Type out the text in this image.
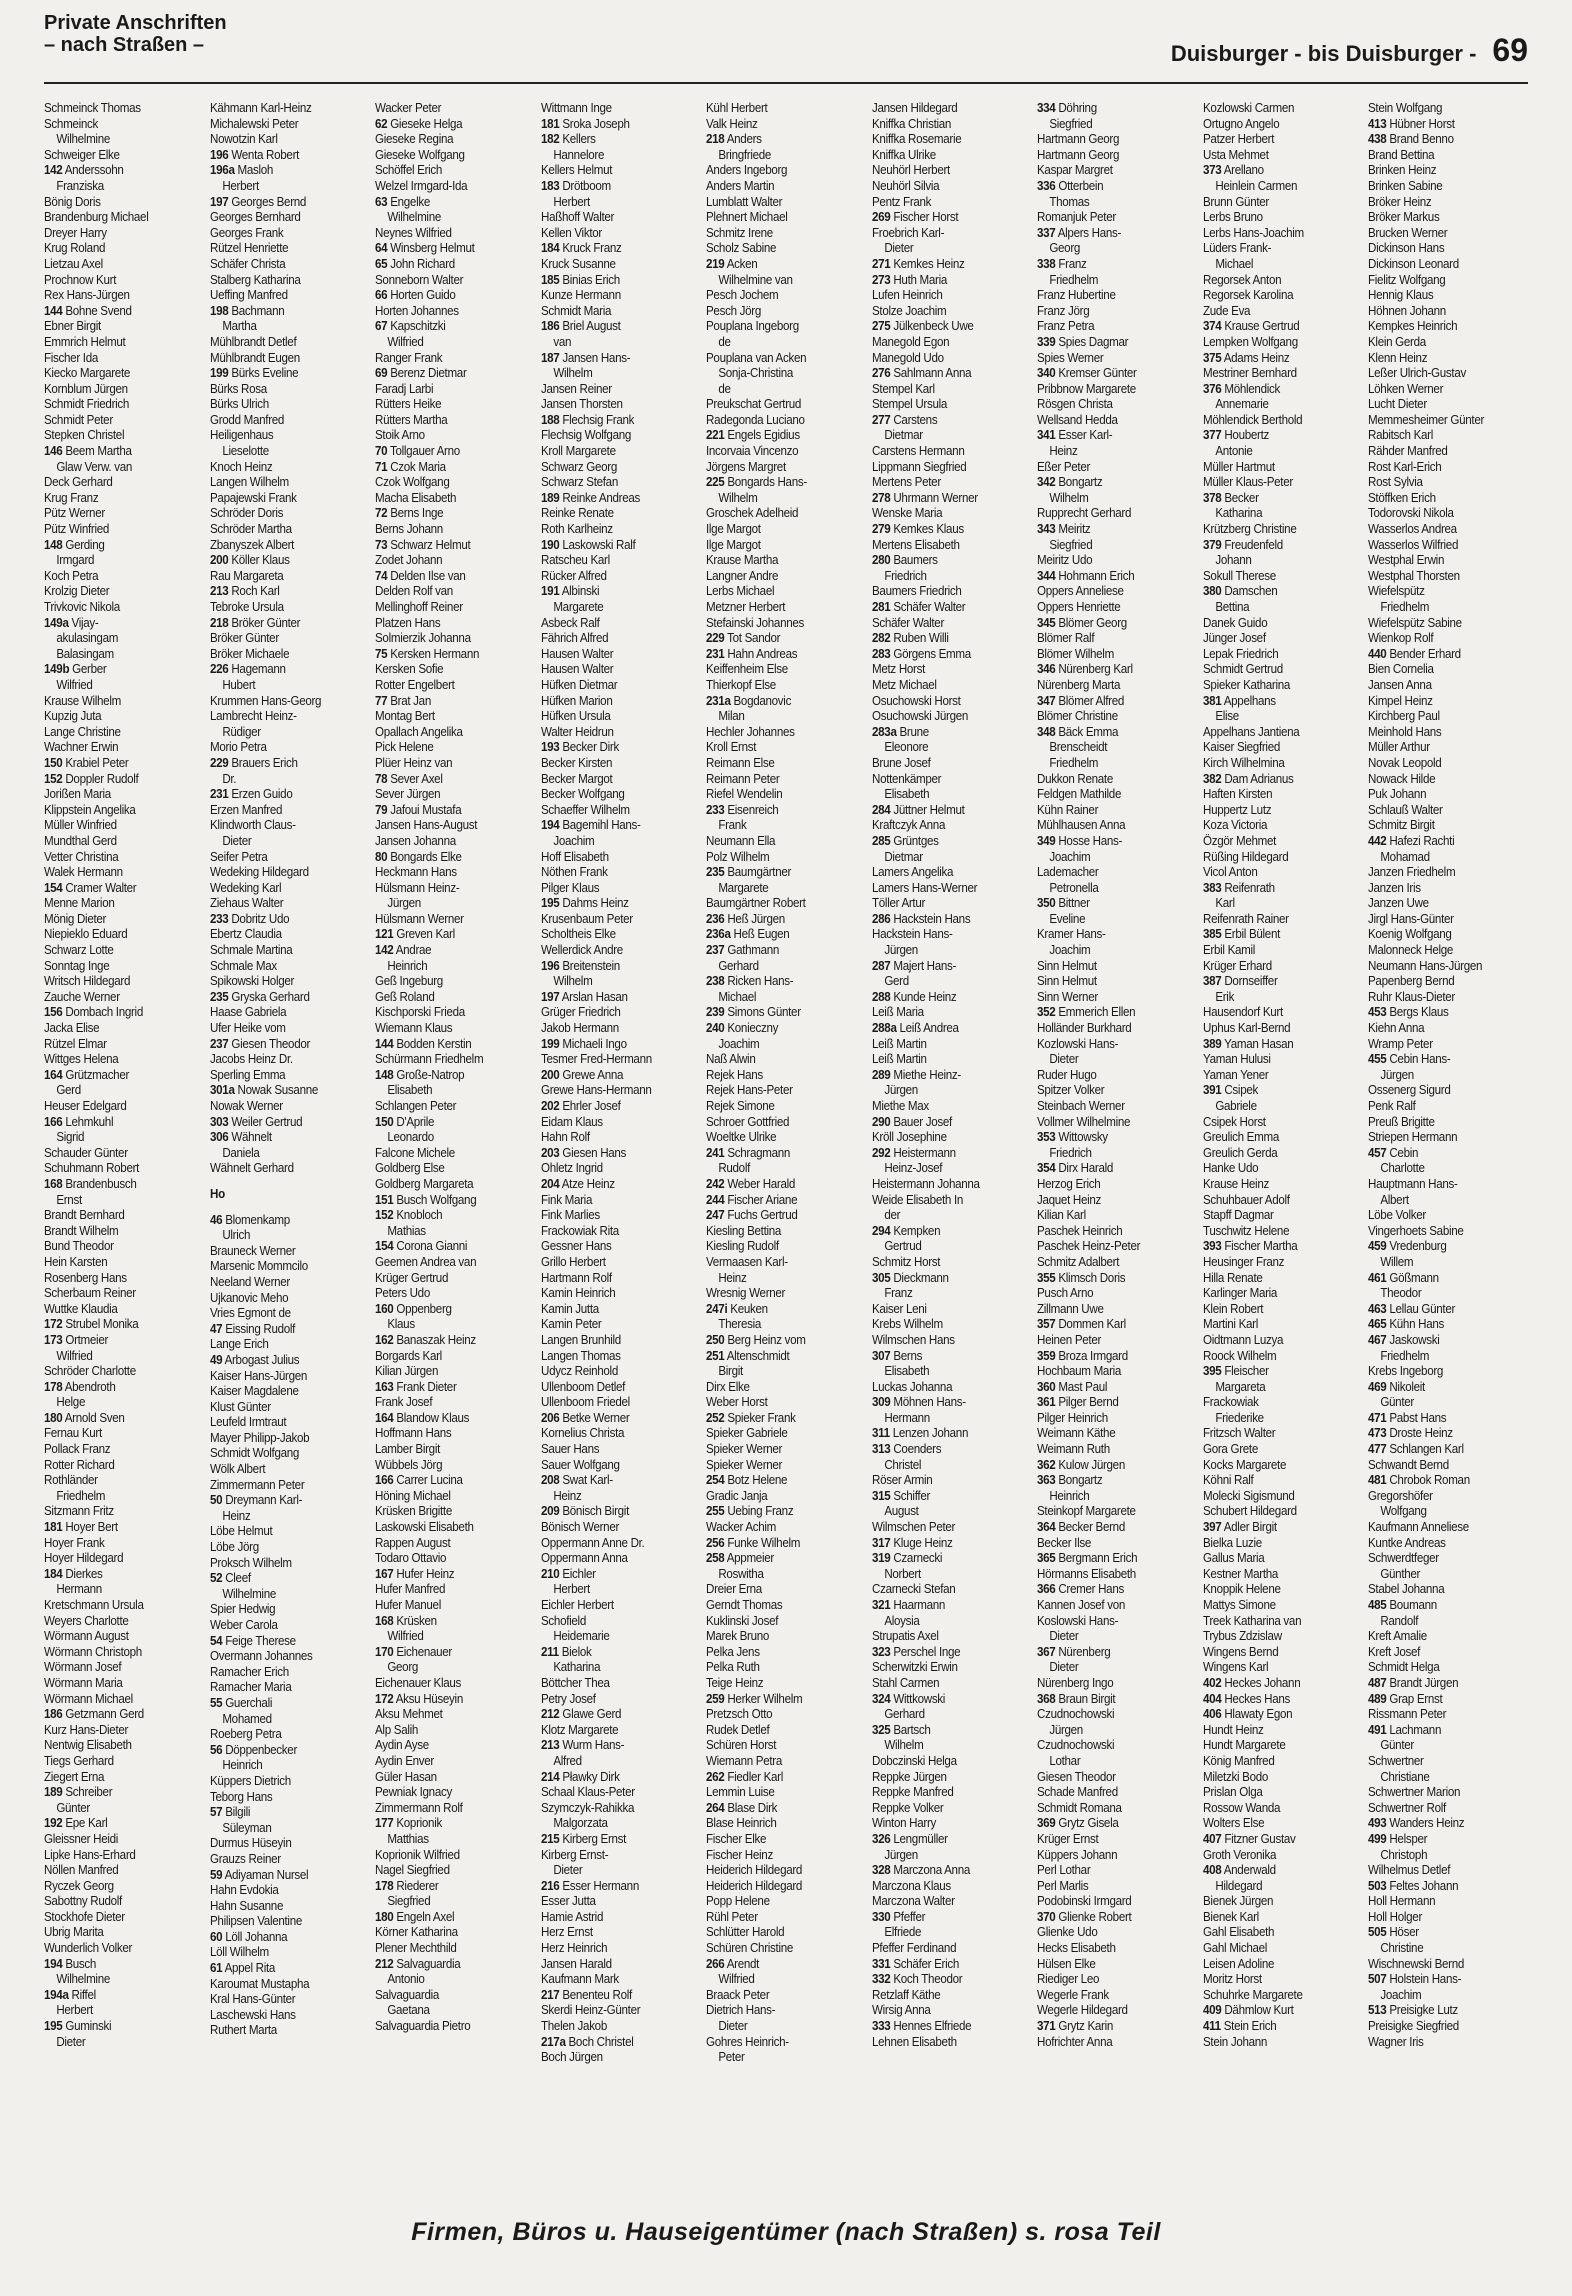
Private Anschriften
– nach Straßen –	Duisburger - bis Duisburger - 69
Schmeinck Thomas
Schmeinck
Wilhelmine
Schweiger Elke
142 Anderssohn
Franziska
Bönig Doris
Brandenburg Michael
Dreyer Harry
Krug Roland
Lietzau Axel
Prochnow Kurt
Rex Hans-Jürgen
144 Bohne Svend
Ebner Birgit
Emmrich Helmut
Fischer Ida
Kiecko Margarete
Kornblum Jürgen
Schmidt Friedrich
Schmidt Peter
Stepken Christel
146 Beem Martha
Glaw Verw. van
Deck Gerhard
Krug Franz
Pütz Werner
Pütz Winfried
148 Gerding
Irmgard
Koch Petra
Krolzig Dieter
Trivkovic Nikola
149a Vijay-
akulasingam
Balasingam
149b Gerber
Wilfried
Krause Wilhelm
Kupzig Juta
Lange Christine
Wachner Erwin
150 Krabiel Peter
152 Doppler Rudolf
Jorißen Maria
Klippstein Angelika
Müller Winfried
Mundthal Gerd
Vetter Christina
Walek Hermann
154 Cramer Walter
Menne Marion
Mönig Dieter
Niepieklo Eduard
Schwarz Lotte
Sonntag Inge
Writsch Hildegard
Zauche Werner
156 Dombach Ingrid
Jacka Elise
Rützel Elmar
Wittges Helena
164 Grützmacher
Gerd
Heuser Edelgard
166 Lehmkuhl
Sigrid
Schauder Günter
Schuhmann Robert
168 Brandenbusch
Ernst
Brandt Bernhard
Brandt Wilhelm
Bund Theodor
Hein Karsten
Rosenberg Hans
Scherbaum Reiner
Wuttke Klaudia
172 Strubel Monika
173 Ortmeier
Wilfried
Schröder Charlotte
178 Abendroth
Helge
180 Arnold Sven
Fernau Kurt
Pollack Franz
Rotter Richard
Rothländer
Friedhelm
Sitzmann Fritz
181 Hoyer Bert
Hoyer Frank
Hoyer Hildegard
184 Dierkes
Hermann
Kretschmann Ursula
Weyers Charlotte
Wörmann August
Wörmann Christoph
Wörmann Josef
Wörmann Maria
Wörmann Michael
186 Getzmann Gerd
Kurz Hans-Dieter
Nentwig Elisabeth
Tiegs Gerhard
Ziegert Erna
189 Schreiber
Günter
192 Epe Karl
Gleissner Heidi
Lipke Hans-Erhard
Nöllen Manfred
Ryczek Georg
Sabottny Rudolf
Stockhofe Dieter
Ubrig Marita
Wunderlich Volker
194 Busch
Wilhelmine
194a Riffel
Herbert
195 Guminski
Dieter
Kähmann Karl-Heinz
Michalewski Peter
Nowotzin Karl
196 Wenta Robert
196a Masloh
Herbert
197 Georges Bernd
Georges Bernhard
Georges Frank
Rützel Henriette
Schäfer Christa
Stalberg Katharina
Ueffing Manfred
198 Bachmann
Martha
Mühlbrandt Detlef
Mühlbrandt Eugen
199 Bürks Eveline
Bürks Rosa
Bürks Ulrich
Grodd Manfred
Heiligenhaus
Lieselotte
Knoch Heinz
Langen Wilhelm
Papajewski Frank
Schröder Doris
Schröder Martha
Zbanyszek Albert
200 Köller Klaus
Rau Margareta
213 Roch Karl
Tebroke Ursula
218 Bröker Günter
Bröker Günter
Bröker Michaele
226 Hagemann
Hubert
Krummen Hans-Georg
Lambrecht Heinz-
Rüdiger
Morio Petra
229 Brauers Erich
Dr.
231 Erzen Guido
Erzen Manfred
Klindworth Claus-
Dieter
Seifer Petra
Wedeking Hildegard
Wedeking Karl
Ziehaus Walter
233 Dobritz Udo
Ebertz Claudia
Schmale Martina
Schmale Max
Spikowski Holger
235 Gryska Gerhard
Haase Gabriela
Ufer Heike vom
237 Giesen Theodor
Jacobs Heinz Dr.
Sperling Emma
301a Nowak Susanne
Nowak Werner
303 Weiler Gertrud
306 Wähnelt
Daniela
Wähnelt Gerhard
Ho
46 Blomenkamp
Ulrich
Brauneck Werner
Marsenic Mommcilo
Neeland Werner
Ujkanovic Meho
Vries Egmont de
47 Eissing Rudolf
Lange Erich
49 Arbogast Julius
Kaiser Hans-Jürgen
Kaiser Magdalene
Klust Günter
Leufeld Irmtraut
Mayer Philipp-Jakob
Schmidt Wolfgang
Wölk Albert
Zimmermann Peter
50 Dreymann Karl-
Heinz
Löbe Helmut
Löbe Jörg
Proksch Wilhelm
52 Cleef
Wilhelmine
Spier Hedwig
Weber Carola
54 Feige Therese
Overmann Johannes
Ramacher Erich
Ramacher Maria
55 Guerchali
Mohamed
Roeberg Petra
56 Döppenbecker
Heinrich
Küppers Dietrich
Teborg Hans
57 Bilgili
Süleyman
Durmus Hüseyin
Grauzs Reiner
59 Adiyaman Nursel
Hahn Evdokia
Hahn Susanne
Philipsen Valentine
60 Löll Johanna
Löll Wilhelm
61 Appel Rita
Karoumat Mustapha
Kral Hans-Günter
Laschewski Hans
Ruthert Marta
Wacker Peter
62 Gieseke Helga
Gieseke Regina
Gieseke Wolfgang
Schöffel Erich
Welzel Irmgard-Ida
63 Engelke
Wilhelmine
Neynes Wilfried
64 Winsberg Helmut
65 John Richard
Sonneborn Walter
66 Horten Guido
Horten Johannes
67 Kapschitzki
Wilfried
Ranger Frank
69 Berenz Dietmar
Faradj Larbi
Rütters Heike
Rütters Martha
Stoik Arno
70 Tollgauer Arno
71 Czok Maria
Czok Wolfgang
Macha Elisabeth
72 Berns Inge
Berns Johann
73 Schwarz Helmut
Zodet Johann
74 Delden Ilse van
Delden Rolf van
Mellinghoff Reiner
Platzen Hans
Solmierzik Johanna
75 Kersken Hermann
Kersken Sofie
Rotter Engelbert
77 Brat Jan
Montag Bert
Opallach Angelika
Pick Helene
Plüer Heinz van
78 Sever Axel
Sever Jürgen
79 Jafoui Mustafa
Jansen Hans-August
Jansen Johanna
80 Bongards Elke
Heckmann Hans
Hülsmann Heinz-
Jürgen
Hülsmann Werner
121 Greven Karl
142 Andrae
Heinrich
Geß Ingeburg
Geß Roland
Kischporski Frieda
Wiemann Klaus
144 Bodden Kerstin
Schürmann Friedhelm
148 Große-Natrop
Elisabeth
Schlangen Peter
150 D'Aprile
Leonardo
Falcone Michele
Goldberg Else
Goldberg Margareta
151 Busch Wolfgang
152 Knobloch
Mathias
154 Corona Gianni
Geemen Andrea van
Krüger Gertrud
Peters Udo
160 Oppenberg
Klaus
162 Banaszak Heinz
Borgards Karl
Kilian Jürgen
163 Frank Dieter
Frank Josef
164 Blandow Klaus
Hoffmann Hans
Lamber Birgit
Wübbels Jörg
166 Carrer Lucina
Höning Michael
Krüsken Brigitte
Laskowski Elisabeth
Rappen August
Todaro Ottavio
167 Hufer Heinz
Hufer Manfred
Hufer Manuel
168 Krüsken
Wilfried
170 Eichenauer
Georg
Eichenauer Klaus
172 Aksu Hüseyin
Aksu Mehmet
Alp Salih
Aydin Ayse
Aydin Enver
Güler Hasan
Pewniak Ignacy
Zimmermann Rolf
177 Koprionik
Matthias
Koprionik Wilfried
Nagel Siegfried
178 Riederer
Siegfried
180 Engeln Axel
Körner Katharina
Plener Mechthild
212 Salvaguardia
Antonio
Salvaguardia
Gaetana
Salvaguardia Pietro
Wittmann Inge
181 Sroka Joseph
182 Kellers
Hannelore
Kellers Helmut
183 Drötboom
Herbert
Haßhoff Walter
Kellen Viktor
184 Kruck Franz
Kruck Susanne
185 Binias Erich
Kunze Hermann
Schmidt Maria
186 Briel August
van
187 Jansen Hans-
Wilhelm
Jansen Reiner
Jansen Thorsten
188 Flechsig Frank
Flechsig Wolfgang
Kroll Margarete
Schwarz Georg
Schwarz Stefan
189 Reinke Andreas
Reinke Renate
Roth Karlheinz
190 Laskowski Ralf
Ratscheu Karl
Rücker Alfred
191 Albinski
Margarete
Asbeck Ralf
Fährich Alfred
Hausen Walter
Hausen Walter
Hüfken Dietmar
Hüfken Marion
Hüfken Ursula
Walter Heidrun
193 Becker Dirk
Becker Kirsten
Becker Margot
Becker Wolfgang
Schaeffer Wilhelm
194 Bagemihl Hans-
Joachim
Hoff Elisabeth
Nöthen Frank
Pilger Klaus
195 Dahms Heinz
Krusenbaum Peter
Scholtheis Elke
Wellerdick Andre
196 Breitenstein
Wilhelm
197 Arslan Hasan
Grüger Friedrich
Jakob Hermann
199 Michaeli Ingo
Tesmer Fred-Hermann
200 Grewe Anna
Grewe Hans-Hermann
202 Ehrler Josef
Eidam Klaus
Hahn Rolf
203 Giesen Hans
Ohletz Ingrid
204 Atze Heinz
Fink Maria
Fink Marlies
Frackowiak Rita
Gessner Hans
Grillo Herbert
Hartmann Rolf
Kamin Heinrich
Kamin Jutta
Kamin Peter
Langen Brunhild
Langen Thomas
Udycz Reinhold
Ullenboom Detlef
Ullenboom Friedel
206 Betke Werner
Kornelius Christa
Sauer Hans
Sauer Wolfgang
208 Swat Karl-
Heinz
209 Bönisch Birgit
Bönisch Werner
Oppermann Anne Dr.
Oppermann Anna
210 Eichler
Herbert
Eichler Herbert
Schofield
Heidemarie
211 Bielok
Katharina
Böttcher Thea
Petry Josef
212 Glawe Gerd
Klotz Margarete
213 Wurm Hans-
Alfred
214 Pławky Dirk
Schaal Klaus-Peter
Szymczyk-Rahikka
Malgorzata
215 Kirberg Ernst
Kirberg Ernst-
Dieter
216 Esser Hermann
Esser Jutta
Hamie Astrid
Herz Ernst
Herz Heinrich
Jansen Harald
Kaufmann Mark
217 Benenteu Rolf
Skerdi Heinz-Günter
Thelen Jakob
217a Boch Christel
Boch Jürgen
Kühl Herbert
Valk Heinz
218 Anders
Bringfriede
Anders Ingeborg
Anders Martin
Lumblatt Walter
Plehnert Michael
Schmitz Irene
Scholz Sabine
219 Acken
Wilhelmine van
Pesch Jochem
Pesch Jörg
Pouplana Ingeborg
de
Pouplana van Acken
Sonja-Christina
de
Preukschat Gertrud
Radegonda Luciano
221 Engels Egidius
Incorvaia Vincenzo
Jörgens Margret
225 Bongards Hans-
Wilhelm
Groschek Adelheid
Ilge Margot
Ilge Margot
Krause Martha
Langner Andre
Lerbs Michael
Metzner Herbert
Stefainski Johannes
229 Tot Sandor
231 Hahn Andreas
Keiffenheim Else
Thierkopf Else
231a Bogdanovic
Milan
Hechler Johannes
Kroll Ernst
Reimann Else
Reimann Peter
Riefel Wendelin
233 Eisenreich
Frank
Neumann Ella
Polz Wilhelm
235 Baumgärtner
Margarete
Baumgärtner Robert
236 Heß Jürgen
236a Heß Eugen
237 Gathmann
Gerhard
238 Ricken Hans-
Michael
239 Simons Günter
240 Konieczny
Joachim
Naß Alwin
Rejek Hans
Rejek Hans-Peter
Rejek Simone
Schroer Gottfried
Woeltke Ulrike
241 Schragmann
Rudolf
242 Weber Harald
244 Fischer Ariane
247 Fuchs Gertrud
Kiesling Bettina
Kiesling Rudolf
Vermaasen Karl-
Heinz
Wresnig Werner
247i Keuken
Theresia
250 Berg Heinz vom
251 Altenschmidt
Birgit
Dirx Elke
Weber Horst
252 Spieker Frank
Spieker Gabriele
Spieker Werner
Spieker Werner
254 Botz Helene
Gradic Janja
255 Uebing Franz
Wacker Achim
256 Funke Wilhelm
258 Appmeier
Roswitha
Dreier Erna
Gerndt Thomas
Kuklinski Josef
Marek Bruno
Pelka Jens
Pelka Ruth
Teige Heinz
259 Herker Wilhelm
Pretzsch Otto
Rudek Detlef
Schüren Horst
Wiemann Petra
262 Fiedler Karl
Lemmin Luise
264 Blase Dirk
Blase Heinrich
Fischer Elke
Fischer Heinz
Heiderich Hildegard
Heiderich Hildegard
Popp Helene
Rühl Peter
Schlütter Harold
Schüren Christine
266 Arendt
Wilfried
Braack Peter
Dietrich Hans-
Dieter
Gohres Heinrich-
Peter
Jansen Hildegard
Kniffka Christian
Kniffka Rosemarie
Kniffka Ulrike
Neuhörl Herbert
Neuhörl Silvia
Pentz Frank
269 Fischer Horst
Froebrich Karl-
Dieter
271 Kemkes Heinz
273 Huth Maria
Lufen Heinrich
Stolze Joachim
275 Jülkenbeck Uwe
Manegold Egon
Manegold Udo
276 Sahlmann Anna
Stempel Karl
Stempel Ursula
277 Carstens
Dietmar
Carstens Hermann
Lippmann Siegfried
Mertens Peter
278 Uhrmann Werner
Wenske Maria
279 Kemkes Klaus
Mertens Elisabeth
280 Baumers
Friedrich
Baumers Friedrich
281 Schäfer Walter
Schäfer Walter
282 Ruben Willi
283 Görgens Emma
Metz Horst
Metz Michael
Osuchowski Horst
Osuchowski Jürgen
283a Brune
Eleonore
Brune Josef
Nottenkämper
Elisabeth
284 Jüttner Helmut
Kraftczyk Anna
285 Grüntges
Dietmar
Lamers Angelika
Lamers Hans-Werner
Töller Artur
286 Hackstein Hans
Hackstein Hans-
Jürgen
287 Majert Hans-
Gerd
288 Kunde Heinz
Leiß Maria
288a Leiß Andrea
Leiß Martin
Leiß Martin
289 Miethe Heinz-
Jürgen
Miethe Max
290 Bauer Josef
Kröll Josephine
292 Heistermann
Heinz-Josef
Heistermann Johanna
Weide Elisabeth In
der
294 Kempken
Gertrud
Schmitz Horst
305 Dieckmann
Franz
Kaiser Leni
Krebs Wilhelm
Wilmschen Hans
307 Berns
Elisabeth
Luckas Johanna
309 Möhnen Hans-
Hermann
311 Lenzen Johann
313 Coenders
Christel
Röser Armin
315 Schiffer
August
Wilmschen Peter
317 Kluge Heinz
319 Czarnecki
Norbert
Czarnecki Stefan
321 Haarmann
Aloysia
Strupatis Axel
323 Perschel Inge
Scherwitzki Erwin
Stahl Carmen
324 Wittkowski
Gerhard
325 Bartsch
Wilhelm
Dobczinski Helga
Reppke Jürgen
Reppke Manfred
Reppke Volker
Winton Harry
326 Lengmüller
Jürgen
328 Marczona Anna
Marczona Klaus
Marczona Walter
330 Pfeffer
Elfriede
Pfeffer Ferdinand
331 Schäfer Erich
332 Koch Theodor
Retzlaff Käthe
Wirsig Anna
333 Hennes Elfriede
Lehnen Elisabeth
334 Döhring
Siegfried
Hartmann Georg
Hartmann Georg
Kaspar Margret
336 Otterbein
Thomas
Romanjuk Peter
337 Alpers Hans-
Georg
338 Franz
Friedhelm
Franz Hubertine
Franz Jörg
Franz Petra
339 Spies Dagmar
Spies Werner
340 Kremser Günter
Pribbnow Margarete
Rösgen Christa
Wellsand Hedda
341 Esser Karl-
Heinz
Eßer Peter
342 Bongartz
Wilhelm
Rupprecht Gerhard
343 Meiritz
Siegfried
Meiritz Udo
344 Hohmann Erich
Oppers Anneliese
Oppers Henriette
345 Blömer Georg
Blömer Ralf
Blömer Wilhelm
346 Nürenberg Karl
Nürenberg Marta
347 Blömer Alfred
Blömer Christine
348 Bäck Emma
Brenscheidt
Friedhelm
Dukkon Renate
Feldgen Mathilde
Kühn Rainer
Mühlhausen Anna
349 Hosse Hans-
Joachim
Lademacher
Petronella
350 Bittner
Eveline
Kramer Hans-
Joachim
Sinn Helmut
Sinn Helmut
Sinn Werner
352 Emmerich Ellen
Holländer Burkhard
Kozlowski Hans-
Dieter
Ruder Hugo
Spitzer Volker
Steinbach Werner
Vollmer Wilhelmine
353 Wittowsky
Friedrich
354 Dirx Harald
Herzog Erich
Jaquet Heinz
Kilian Karl
Paschek Heinrich
Paschek Heinz-Peter
Schmitz Adalbert
355 Klimsch Doris
Pusch Arno
Zillmann Uwe
357 Dommen Karl
Heinen Peter
359 Broza Irmgard
Hochbaum Maria
360 Mast Paul
361 Pilger Bernd
Pilger Heinrich
Weimann Käthe
Weimann Ruth
362 Kulow Jürgen
363 Bongartz
Heinrich
Steinkopf Margarete
364 Becker Bernd
Becker Ilse
365 Bergmann Erich
Hörmanns Elisabeth
366 Cremer Hans
Kannen Josef von
Koslowski Hans-
Dieter
367 Nürenberg
Dieter
Nürenberg Ingo
368 Braun Birgit
Czudnochowski
Jürgen
Czudnochowski
Lothar
Giesen Theodor
Schade Manfred
Schmidt Romana
369 Grytz Gisela
Krüger Ernst
Küppers Johann
Perl Lothar
Perl Marlis
Podobinski Irmgard
370 Glienke Robert
Glienke Udo
Hecks Elisabeth
Hülsen Elke
Riediger Leo
Wegerle Frank
Wegerle Hildegard
371 Grytz Karin
Hofrichter Anna
Kozlowski Carmen
Ortugno Angelo
Patzer Herbert
Usta Mehmet
373 Arellano
Heinlein Carmen
Brunn Günter
Lerbs Bruno
Lerbs Hans-Joachim
Lüders Frank-
Michael
Regorsek Anton
Regorsek Karolina
Zude Eva
374 Krause Gertrud
Lempken Wolfgang
375 Adams Heinz
Mestriner Bernhard
376 Möhlendick
Annemarie
Möhlendick Berthold
377 Houbertz
Antonie
Müller Hartmut
Müller Klaus-Peter
378 Becker
Katharina
Krützberg Christine
379 Freudenfeld
Johann
Sokull Therese
380 Damschen
Bettina
Danek Guido
Jünger Josef
Lepak Friedrich
Schmidt Gertrud
Spieker Katharina
381 Appelhans
Elise
Appelhans Jantiena
Kaiser Siegfried
Kirch Wilhelmina
382 Dam Adrianus
Haften Kirsten
Huppertz Lutz
Koza Victoria
Özgör Mehmet
Rüßing Hildegard
Vicol Anton
383 Reifenrath
Karl
Reifenrath Rainer
385 Erbil Bülent
Erbil Kamil
Krüger Erhard
387 Dornseiffer
Erik
Hausendorf Kurt
Uphus Karl-Bernd
389 Yaman Hasan
Yaman Hulusi
Yaman Yener
391 Csipek
Gabriele
Csipek Horst
Greulich Emma
Greulich Gerda
Hanke Udo
Krause Heinz
Schuhbauer Adolf
Stapff Dagmar
Tuschwitz Helene
393 Fischer Martha
Heusinger Franz
Hilla Renate
Karlinger Maria
Klein Robert
Martini Karl
Oidtmann Luzya
Roock Wilhelm
395 Fleischer
Margareta
Frackowiak
Friederike
Fritzsch Walter
Gora Grete
Kocks Margarete
Köhni Ralf
Molecki Sigismund
Schubert Hildegard
397 Adler Birgit
Bielka Luzie
Gallus Maria
Kestner Martha
Knoppik Helene
Mattys Simone
Treek Katharina van
Trybus Zdzislaw
Wingens Bernd
Wingens Karl
402 Heckes Johann
404 Heckes Hans
406 Hlawaty Egon
Hundt Heinz
Hundt Margarete
König Manfred
Miletzki Bodo
Prislan Olga
Rossow Wanda
Wolters Else
407 Fitzner Gustav
Groth Veronika
408 Anderwald
Hildegard
Bienek Jürgen
Bienek Karl
Gahl Elisabeth
Gahl Michael
Leisen Adoline
Moritz Horst
Schuhrke Margarete
409 Dähmlow Kurt
411 Stein Erich
Stein Johann
Stein Wolfgang
413 Hübner Horst
438 Brand Benno
Brand Bettina
Brinken Heinz
Brinken Sabine
Bröker Heinz
Bröker Markus
Brucken Werner
Dickinson Hans
Dickinson Leonard
Fielitz Wolfgang
Hennig Klaus
Höhnen Johann
Kempkes Heinrich
Klein Gerda
Klenn Heinz
Leßer Ulrich-Gustav
Löhken Werner
Lucht Dieter
Memmesheimer Günter
Rabitsch Karl
Rähder Manfred
Rost Karl-Erich
Rost Sylvia
Stöffken Erich
Todorovski Nikola
Wasserlos Andrea
Wasserlos Wilfried
Westphal Erwin
Westphal Thorsten
Wiefelspütz
Friedhelm
Wiefelspütz Sabine
Wienkop Rolf
440 Bender Erhard
Bien Cornelia
Jansen Anna
Kimpel Heinz
Kirchberg Paul
Meinhold Hans
Müller Arthur
Novak Leopold
Nowack Hilde
Puk Johann
Schlauß Walter
Schmitz Birgit
442 Hafezi Rachti
Mohamad
Janzen Friedhelm
Janzen Iris
Janzen Uwe
Jirgl Hans-Günter
Koenig Wolfgang
Malonneck Helge
Neumann Hans-Jürgen
Papenberg Bernd
Ruhr Klaus-Dieter
453 Bergs Klaus
Kiehn Anna
Wramp Peter
455 Cebin Hans-
Jürgen
Ossenerg Sigurd
Penk Ralf
Preuß Brigitte
Striepen Hermann
457 Cebin
Charlotte
Hauptmann Hans-
Albert
Löbe Volker
Vingerhoets Sabine
459 Vredenburg
Willem
461 Gößmann
Theodor
463 Lellau Günter
465 Kühn Hans
467 Jaskowski
Friedhelm
Krebs Ingeborg
469 Nikoleit
Günter
471 Pabst Hans
473 Droste Heinz
477 Schlangen Karl
Schwandt Bernd
481 Chrobok Roman
Gregorshöfer
Wolfgang
Kaufmann Anneliese
Kuntke Andreas
Schwerdtfeger
Günther
Stabel Johanna
485 Boumann
Randolf
Kreft Amalie
Kreft Josef
Schmidt Helga
487 Brandt Jürgen
489 Grap Ernst
Rissmann Peter
491 Lachmann
Günter
Schwertner
Christiane
Schwertner Marion
Schwertner Rolf
493 Wanders Heinz
499 Helsper
Christoph
Wilhelmus Detlef
503 Feltes Johann
Holl Hermann
Holl Holger
505 Höser
Christine
Wischnewski Bernd
507 Holstein Hans-
Joachim
513 Preisigke Lutz
Preisigke Siegfried
Wagner Iris
Firmen, Büros u. Hauseigentümer (nach Straßen) s. rosa Teil
